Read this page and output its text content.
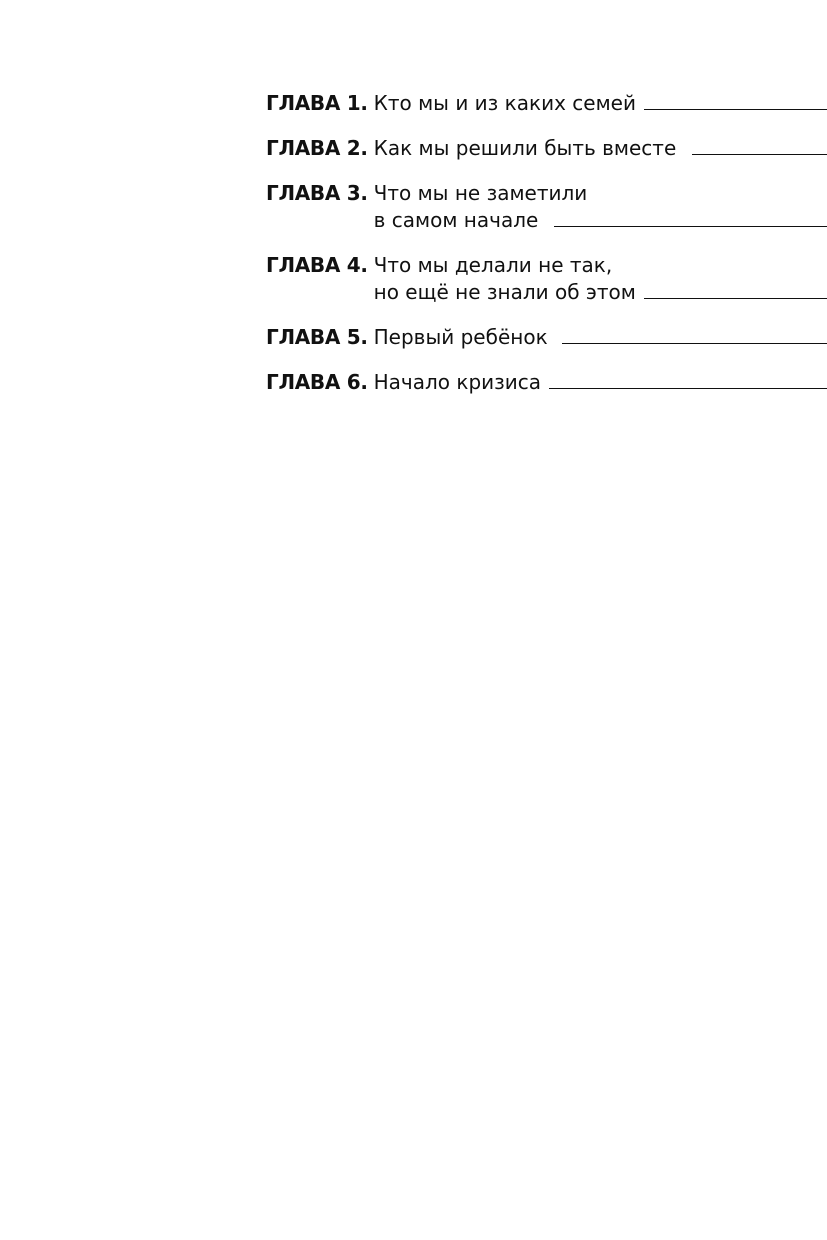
ГЛАВА 1. Кто мы и из каких семей
ГЛАВА 2. Как мы решили быть вместе
ГЛАВА 3. Что мы не заметили
в самом начале
ГЛАВА 4. Что мы делали не так,
но ещё не знали об этом
ГЛАВА 5. Первый ребёнок
ГЛАВА 6. Начало кризиса
